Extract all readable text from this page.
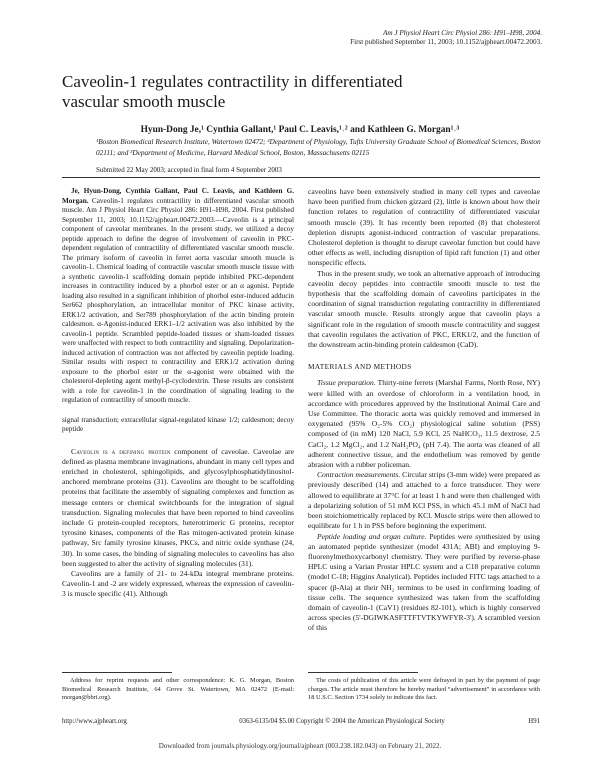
Am J Physiol Heart Circ Physiol 286: H91–H98, 2004.
First published September 11, 2003; 10.1152/ajpheart.00472.2003.
Caveolin-1 regulates contractility in differentiated vascular smooth muscle
Hyun-Dong Je,¹ Cynthia Gallant,¹ Paul C. Leavis,¹˒² and Kathleen G. Morgan¹˒³
¹Boston Biomedical Research Institute, Watertown 02472; ²Department of Physiology, Tufts University Graduate School of Biomedical Sciences, Boston 02111; and ³Department of Medicine, Harvard Medical School, Boston, Massachusetts 02115
Submitted 22 May 2003; accepted in final form 4 September 2003

Je, Hyun-Dong, Cynthia Gallant, Paul C. Leavis, and Kathleen G. Morgan. Caveolin-1 regulates contractility in differentiated vascular smooth muscle. Am J Physiol Heart Circ Physiol 286: H91–H98, 2004. First published September 11, 2003; 10.1152/ajpheart.00472.2003.—Caveolin is a principal component of caveolar membranes. In the present study, we utilized a decoy peptide approach to define the degree of involvement of caveolin in PKC-dependent regulation of contractility of differentiated vascular smooth muscle. The primary isoform of caveolin in ferret aorta vascular smooth muscle is caveolin-1. Chemical loading of contractile vascular smooth muscle tissue with a synthetic caveolin-1 scaffolding domain peptide inhibited PKC-dependent increases in contractility induced by a phorbol ester or an α agonist. Peptide loading also resulted in a significant inhibition of phorbol ester-induced adducin Ser662 phosphorylation, an intracellular monitor of PKC kinase activity, ERK1/2 activation, and Ser789 phosphorylation of the actin binding protein caldesmon. α-Agonist-induced ERK1–1/2 activation was also inhibited by the caveolin-1 peptide. Scrambled peptide-loaded tissues or sham-loaded tissues were unaffected with respect to both contractility and signaling. Depolarization-induced activation of contraction was not affected by caveolin peptide loading. Similar results with respect to contractility and ERK1/2 activation during exposure to the phorbol ester or the α-agonist were obtained with the cholesterol-depleting agent methyl-β-cyclodextrin. These results are consistent with a role for caveolin-1 in the coordination of signaling leading to the regulation of contractility of smooth muscle.

signal transduction; extracellular signal-regulated kinase 1/2; caldesmon; decoy peptide

Caveolin is a defining protein component of caveolae. Caveolae are defined as plasma membrane invaginations, abundant in many cell types and enriched in cholesterol, sphingolipids, and glycosylphosphatidylinositol-anchored membrane proteins (31). Caveolins are thought to be scaffolding proteins that facilitate the assembly of signaling complexes and function as message centers or chemical switchboards for the integration of signal transduction. Signaling molecules that have been reported to bind caveolins include G protein-coupled receptors, heterotrimeric G proteins, receptor tyrosine kinases, components of the Ras mitogen-activated protein kinase pathway, Src family tyrosine kinases, PKCs, and nitric oxide synthase (24, 30). In some cases, the binding of signaling molecules to caveolins has also been suggested to alter the activity of signaling molecules (31).

Caveolins are a family of 21- to 24-kDa integral membrane proteins. Caveolin-1 and -2 are widely expressed, whereas the expression of caveolin-3 is muscle specific (41). Although

caveolins have been extensively studied in many cell types and caveolae have been purified from chicken gizzard (2), little is known about how their function relates to regulation of contractility of differentiated vascular smooth muscle (39). It has recently been reported (8) that cholesterol depletion disrupts agonist-induced contraction of vascular preparations. Cholesterol depletion is thought to disrupt caveolar function but could have other effects as well, including disruption of lipid raft function (1) and other nonspecific effects.

Thus in the present study, we took an alternative approach of introducing caveolin decoy peptides into contractile smooth muscle to test the hypothesis that the scaffolding domain of caveolins participates in the coordination of signal transduction regulating contractility in differentiated vascular smooth muscle. Results strongly argue that caveolin plays a significant role in the regulation of smooth muscle contractility and suggest that caveolin regulates the activation of PKC, ERK1/2, and the function of the downstream actin-binding protein caldesmon (CaD).

MATERIALS AND METHODS

Tissue preparation. Thirty-nine ferrets (Marshal Farms, North Rose, NY) were killed with an overdose of chloroform in a ventilation hood, in accordance with procedures approved by the Institutional Animal Care and Use Committee. The thoracic aorta was quickly removed and immersed in oxygenated (95% O₂-5% CO₂) physiological saline solution (PSS) composed of (in mM) 120 NaCl, 5.9 KCl, 25 NaHCO₃, 11.5 dextrose, 2.5 CaCl₂, 1.2 MgCl₂, and 1.2 NaH₂PO₄ (pH 7.4). The aorta was cleaned of all adherent connective tissue, and the endothelium was removed by gentle abrasion with a rubber policeman.

Contraction measurements. Circular strips (3-mm wide) were prepared as previously described (14) and attached to a force transducer. They were allowed to equilibrate at 37°C for at least 1 h and were then challenged with a depolarizing solution of 51 mM KCl PSS, in which 45.1 mM of NaCl had been stoichiometrically replaced by KCl. Muscle strips were then allowed to equilibrate for 1 h in PSS before beginning the experiment.

Peptide loading and organ culture. Peptides were synthesized by using an automated peptide synthesizer (model 431A; ABI) and employing 9-fluorenylmethoxycarbonyl chemistry. They were purified by reverse-phase HPLC using a Varian Prostar HPLC system and a C18 preparative column (model C-18; Higgins Analytical). Peptides included FITC tags attached to a spacer (β-Ala) at their NH₂ terminus to be used in confirming loading of tissue cells. The sequence synthesized was taken from the scaffolding domain of caveolin-1 (CaV1) (residues 82-101), which is highly conserved across species (5'-DGIWKASFTTFTVTKYWFYR-3'). A scrambled version of this

Address for reprint requests and other correspondence: K. G. Morgan, Boston Biomedical Research Institute, 64 Grove St. Watertown, MA 02472 (E-mail: morgan@bbri.org).

The costs of publication of this article were defrayed in part by the payment of page charges. The article must therefore be hereby marked “advertisement” in accordance with 18 U.S.C. Section 1734 solely to indicate this fact.

http://www.ajpheart.org	0363-6135/04 $5.00 Copyright © 2004 the American Physiological Society	H91
Downloaded from journals.physiology.org/journal/ajpheart (003.238.182.043) on February 21, 2022.
